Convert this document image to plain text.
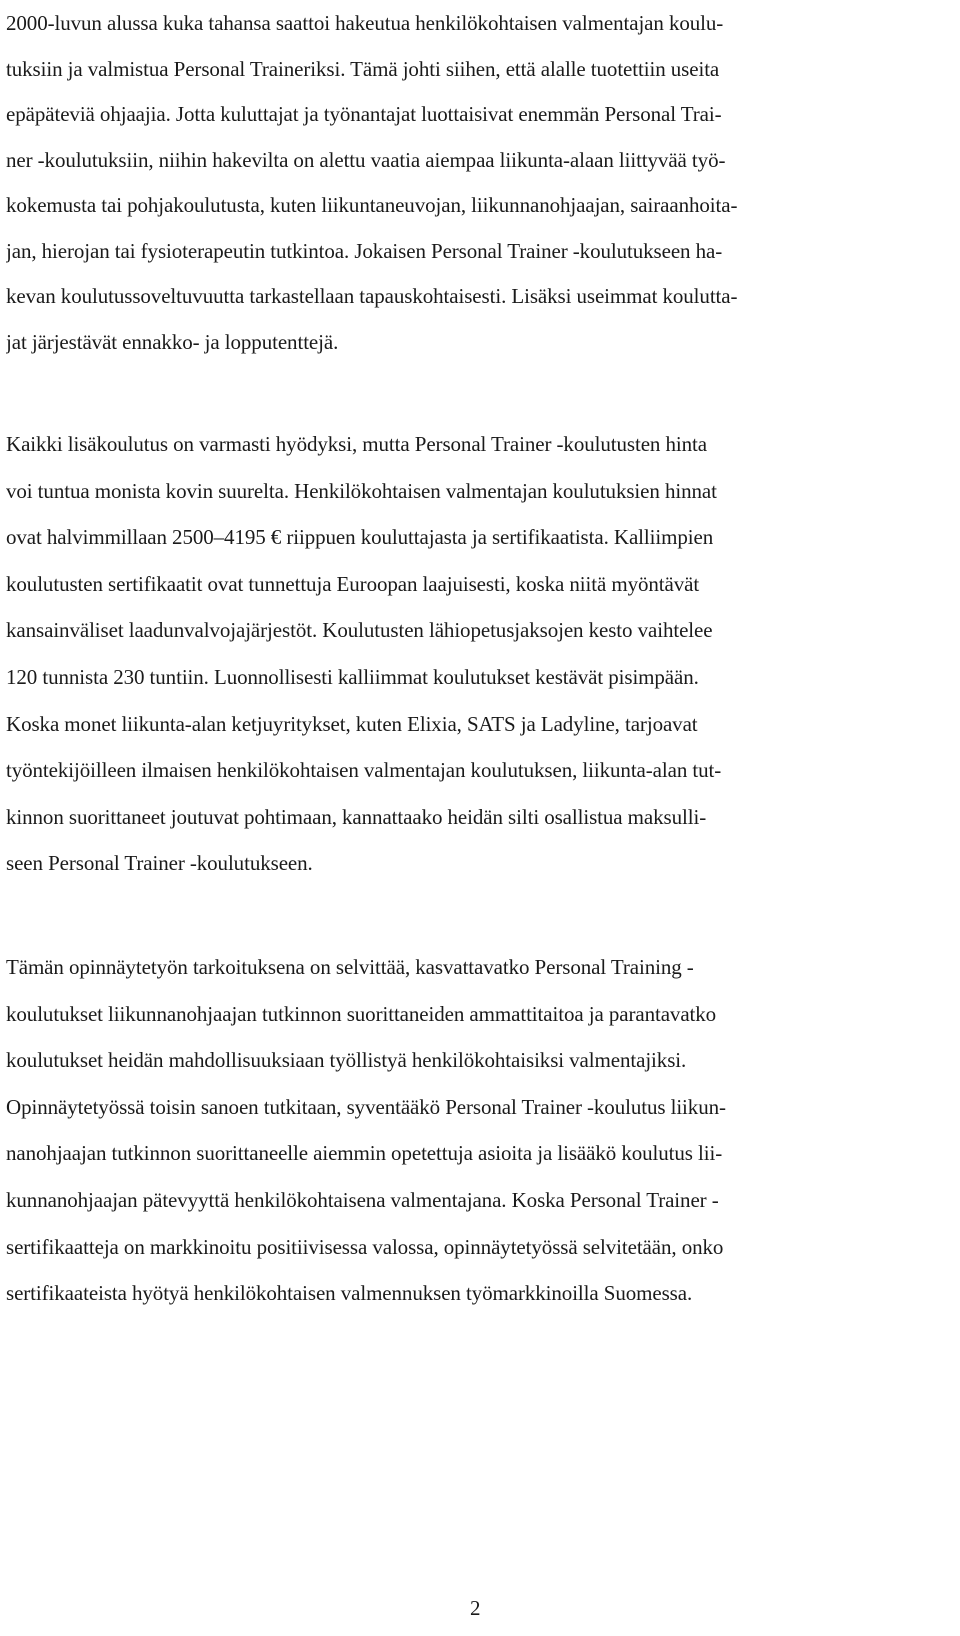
2000-luvun alussa kuka tahansa saattoi hakeutua henkilökohtaisen valmentajan koulu-
tuksiin ja valmistua Personal Traineriksi. Tämä johti siihen, että alalle tuotettiin useita
epäpäteviä ohjaajia. Jotta kuluttajat ja työnantajat luottaisivat enemmän Personal Trai-
ner -koulutuksiin, niihin hakevilta on alettu vaatia aiempaa liikunta-alaan liittyvää työ-
kokemusta tai pohjakoulutusta, kuten liikuntaneuvojan, liikunnanohjaajan, sairaanhoita-
jan, hierojan tai fysioterapeutin tutkintoa. Jokaisen Personal Trainer -koulutukseen ha-
kevan koulutussoveltuvuutta tarkastellaan tapauskohtaisesti. Lisäksi useimmat koulutta-
jat järjestävät ennakko- ja lopputenttejä.
Kaikki lisäkoulutus on varmasti hyödyksi, mutta Personal Trainer -koulutusten hinta
voi tuntua monista kovin suurelta. Henkilökohtaisen valmentajan koulutuksien hinnat
ovat halvimmillaan 2500–4195 € riippuen kouluttajasta ja sertifikaatista. Kalliimpien
koulutusten sertifikaatit ovat tunnettuja Euroopan laajuisesti, koska niitä myöntävät
kansainväliset laadunvalvojajärjestöt. Koulutusten lähiopetusjaksojen kesto vaihtelee
120 tunnista 230 tuntiin. Luonnollisesti kalliimmat koulutukset kestävät pisimpään.
Koska monet liikunta-alan ketjuyritykset, kuten Elixia, SATS ja Ladyline, tarjoavat
työntekijöilleen ilmaisen henkilökohtaisen valmentajan koulutuksen, liikunta-alan tut-
kinnon suorittaneet joutuvat pohtimaan, kannattaako heidän silti osallistua maksulli-
seen Personal Trainer -koulutukseen.
Tämän opinnäytetyön tarkoituksena on selvittää, kasvattavatko Personal Training -
koulutukset liikunnanohjaajan tutkinnon suorittaneiden ammattitaitoa ja parantavatko
koulutukset heidän mahdollisuuksiaan työllistyä henkilökohtaisiksi valmentajiksi.
Opinnäytetyössä toisin sanoen tutkitaan, syventääkö Personal Trainer -koulutus liikun-
nanohjaajan tutkinnon suorittaneelle aiemmin opetettuja asioita ja lisääkö koulutus lii-
kunnanohjaajan pätevyyttä henkilökohtaisena valmentajana. Koska Personal Trainer -
sertifikaatteja on markkinoitu positiivisessa valossa, opinnäytetyössä selvitetään, onko
sertifikaateista hyötyä henkilökohtaisen valmennuksen työmarkkinoilla Suomessa.

2
